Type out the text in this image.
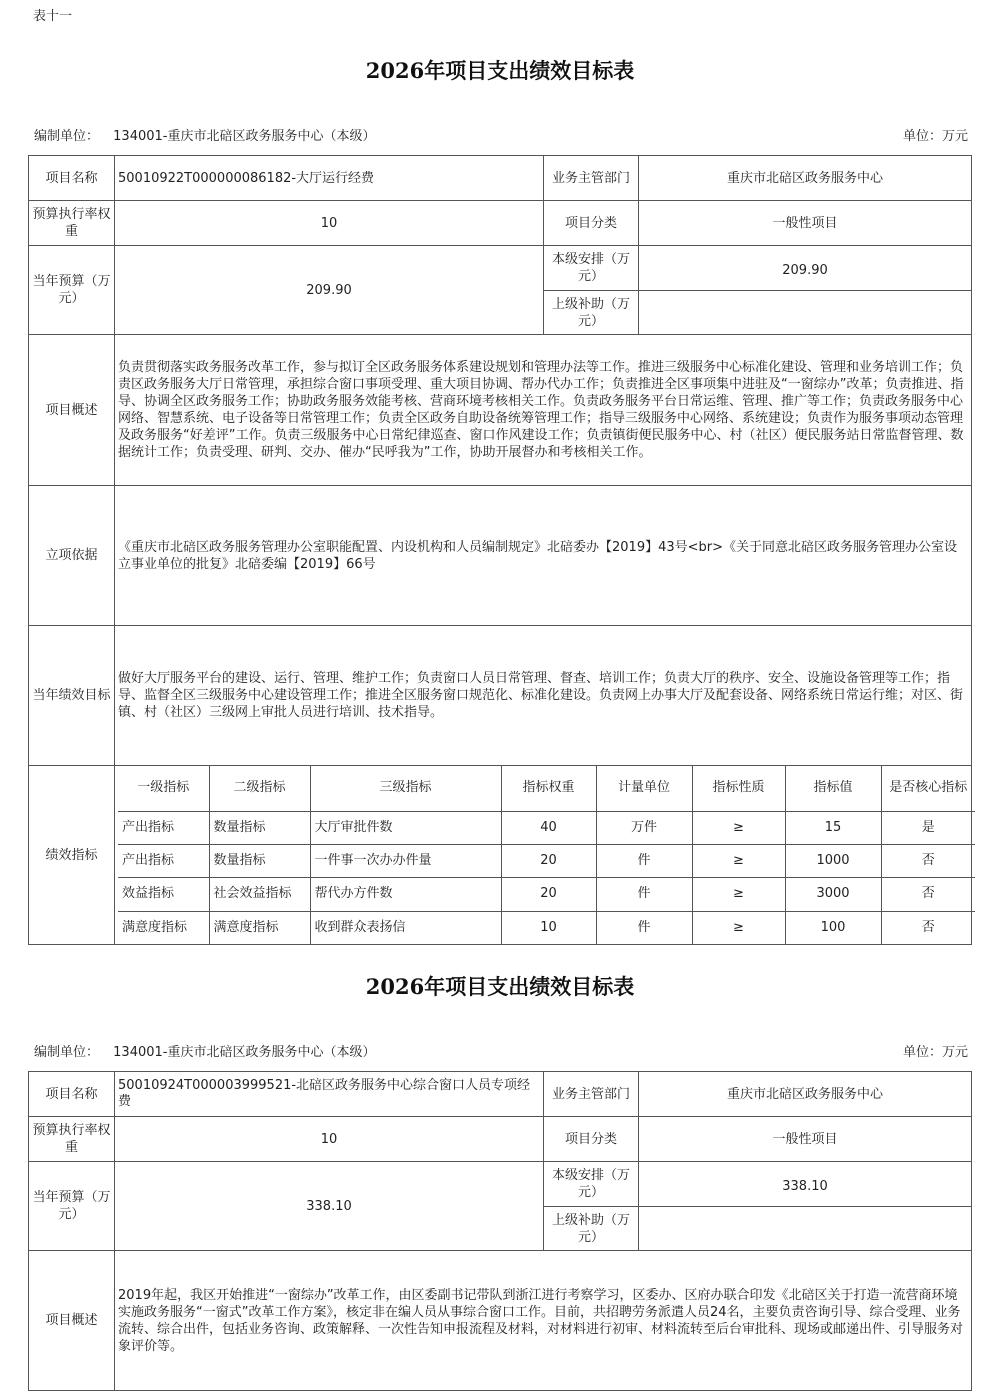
表十一
2026年项目支出绩效目标表
编制单位： 134001-重庆市北碚区政务服务中心（本级）	单位：万元
项目名称	50010922T000000086182-大厅运行经费	业务主管部门	重庆市北碚区政务服务中心
预算执行率权重	10	项目分类	一般性项目
当年预算（万元）	209.90	本级安排（万元）	209.90
上级补助（万元）	
项目概述	负责贯彻落实政务服务改革工作，参与拟订全区政务服务体系建设规划和管理办法等工作。推进三级服务中心标准化建设、管理和业务培训工作；负责区政务服务大厅日常管理，承担综合窗口事项受理、重大项目协调、帮办代办工作；负责推进全区事项集中进驻及“一窗综办”改革；负责推进、指导、协调全区政务服务工作；协助政务服务效能考核、营商环境考核相关工作。负责政务服务平台日常运维、管理、推广等工作；负责政务服务中心网络、智慧系统、电子设备等日常管理工作；负责全区政务自助设备统筹管理工作；指导三级服务中心网络、系统建设；负责作为服务事项动态管理及政务服务“好差评”工作。负责三级服务中心日常纪律巡查、窗口作风建设工作；负责镇街便民服务中心、村（社区）便民服务站日常监督管理、数据统计工作；负责受理、研判、交办、催办“民呼我为”工作，协助开展督办和考核相关工作。
立项依据	《重庆市北碚区政务服务管理办公室职能配置、内设机构和人员编制规定》北碚委办【2019】43号<br>《关于同意北碚区政务服务管理办公室设立事业单位的批复》北碚委编【2019】66号
当年绩效目标	做好大厅服务平台的建设、运行、管理、维护工作；负责窗口人员日常管理、督查、培训工作；负责大厅的秩序、安全、设施设备管理等工作；指导、监督全区三级服务中心建设管理工作；推进全区服务窗口规范化、标准化建设。负责网上办事大厅及配套设备、网络系统日常运行维；对区、街镇、村（社区）三级网上审批人员进行培训、技术指导。
绩效指标	
一级指标	二级指标	三级指标	指标权重	计量单位	指标性质	指标值	是否核心指标
产出指标	数量指标	大厅审批件数	40	万件	≥	15	是
产出指标	数量指标	一件事一次办办件量	20	件	≥	1000	否
效益指标	社会效益指标	帮代办方件数	20	件	≥	3000	否
满意度指标	满意度指标	收到群众表扬信	10	件	≥	100	否
2026年项目支出绩效目标表
编制单位： 134001-重庆市北碚区政务服务中心（本级）	单位：万元
项目名称	50010924T000003999521-北碚区政务服务中心综合窗口人员专项经费	业务主管部门	重庆市北碚区政务服务中心
预算执行率权重	10	项目分类	一般性项目
当年预算（万元）	338.10	本级安排（万元）	338.10
		上级补助（万元）	
项目概述	2019年起，我区开始推进“一窗综办”改革工作，由区委副书记带队到浙江进行考察学习，区委办、区府办联合印发《北碚区关于打造一流营商环境实施政务服务“一窗式”改革工作方案》，核定非在编人员从事综合窗口工作。目前，共招聘劳务派遣人员24名，主要负责咨询引导、综合受理、业务流转、综合出件，包括业务咨询、政策解释、一次性告知申报流程及材料，对材料进行初审、材料流转至后台审批科、现场或邮递出件、引导服务对象评价等。		
